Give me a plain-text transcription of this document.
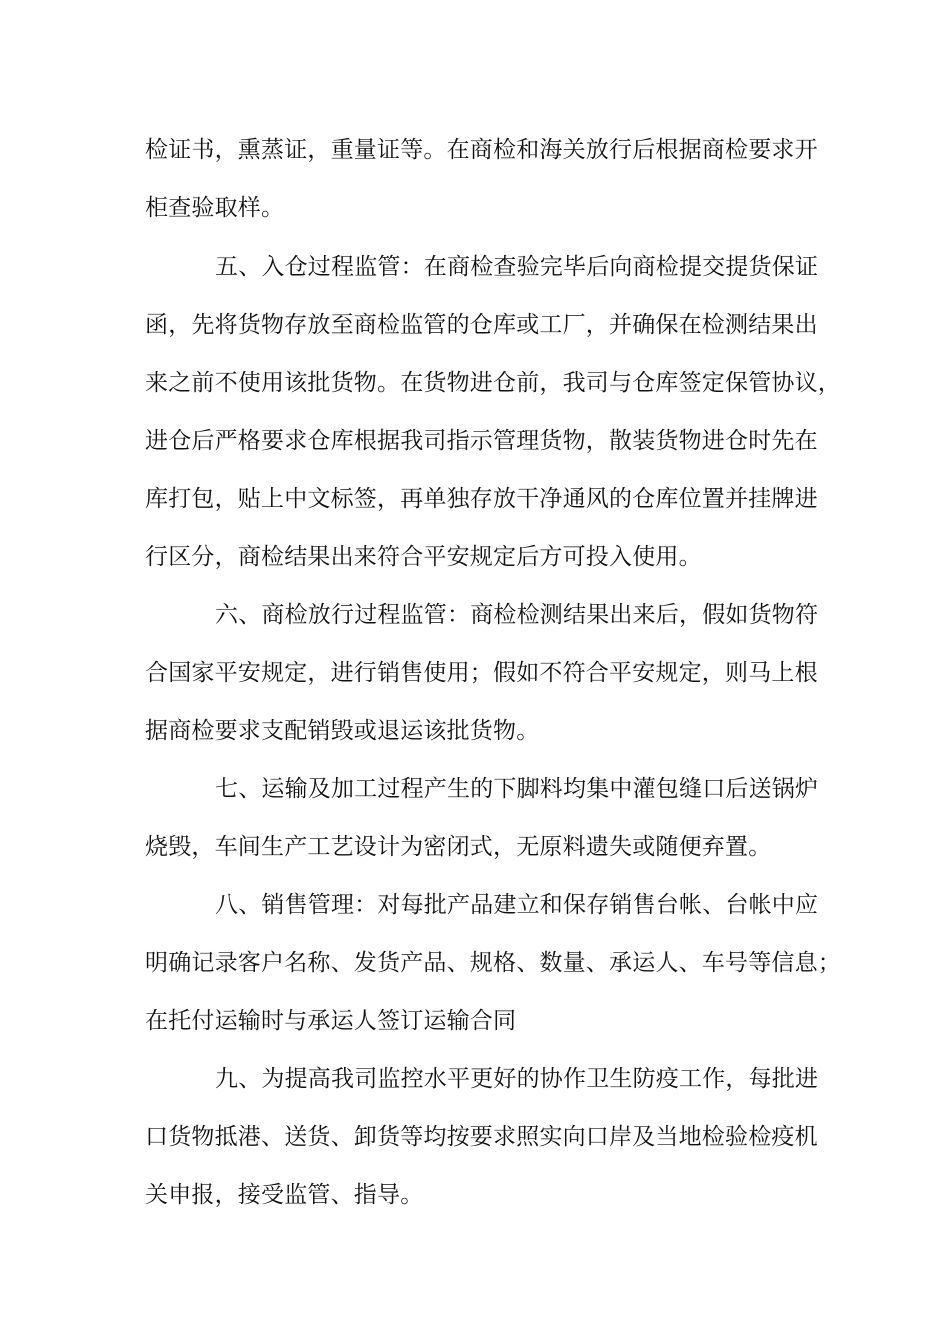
检证书，熏蒸证，重量证等。在商检和海关放行后根据商检要求开
柜查验取样。
五、入仓过程监管：在商检查验完毕后向商检提交提货保证
函，先将货物存放至商检监管的仓库或工厂，并确保在检测结果出
来之前不使用该批货物。在货物进仓前，我司与仓库签定保管协议，
进仓后严格要求仓库根据我司指示管理货物，散装货物进仓时先在
库打包，贴上中文标签，再单独存放干净通风的仓库位置并挂牌进
行区分，商检结果出来符合平安规定后方可投入使用。
六、商检放行过程监管：商检检测结果出来后，假如货物符
合国家平安规定，进行销售使用；假如不符合平安规定，则马上根
据商检要求支配销毁或退运该批货物。
七、运输及加工过程产生的下脚料均集中灌包缝口后送锅炉
烧毁，车间生产工艺设计为密闭式，无原料遗失或随便弃置。
八、销售管理：对每批产品建立和保存销售台帐、台帐中应
明确记录客户名称、发货产品、规格、数量、承运人、车号等信息；
在托付运输时与承运人签订运输合同
九、为提高我司监控水平更好的协作卫生防疫工作，每批进
口货物抵港、送货、卸货等均按要求照实向口岸及当地检验检疫机
关申报，接受监管、指导。
